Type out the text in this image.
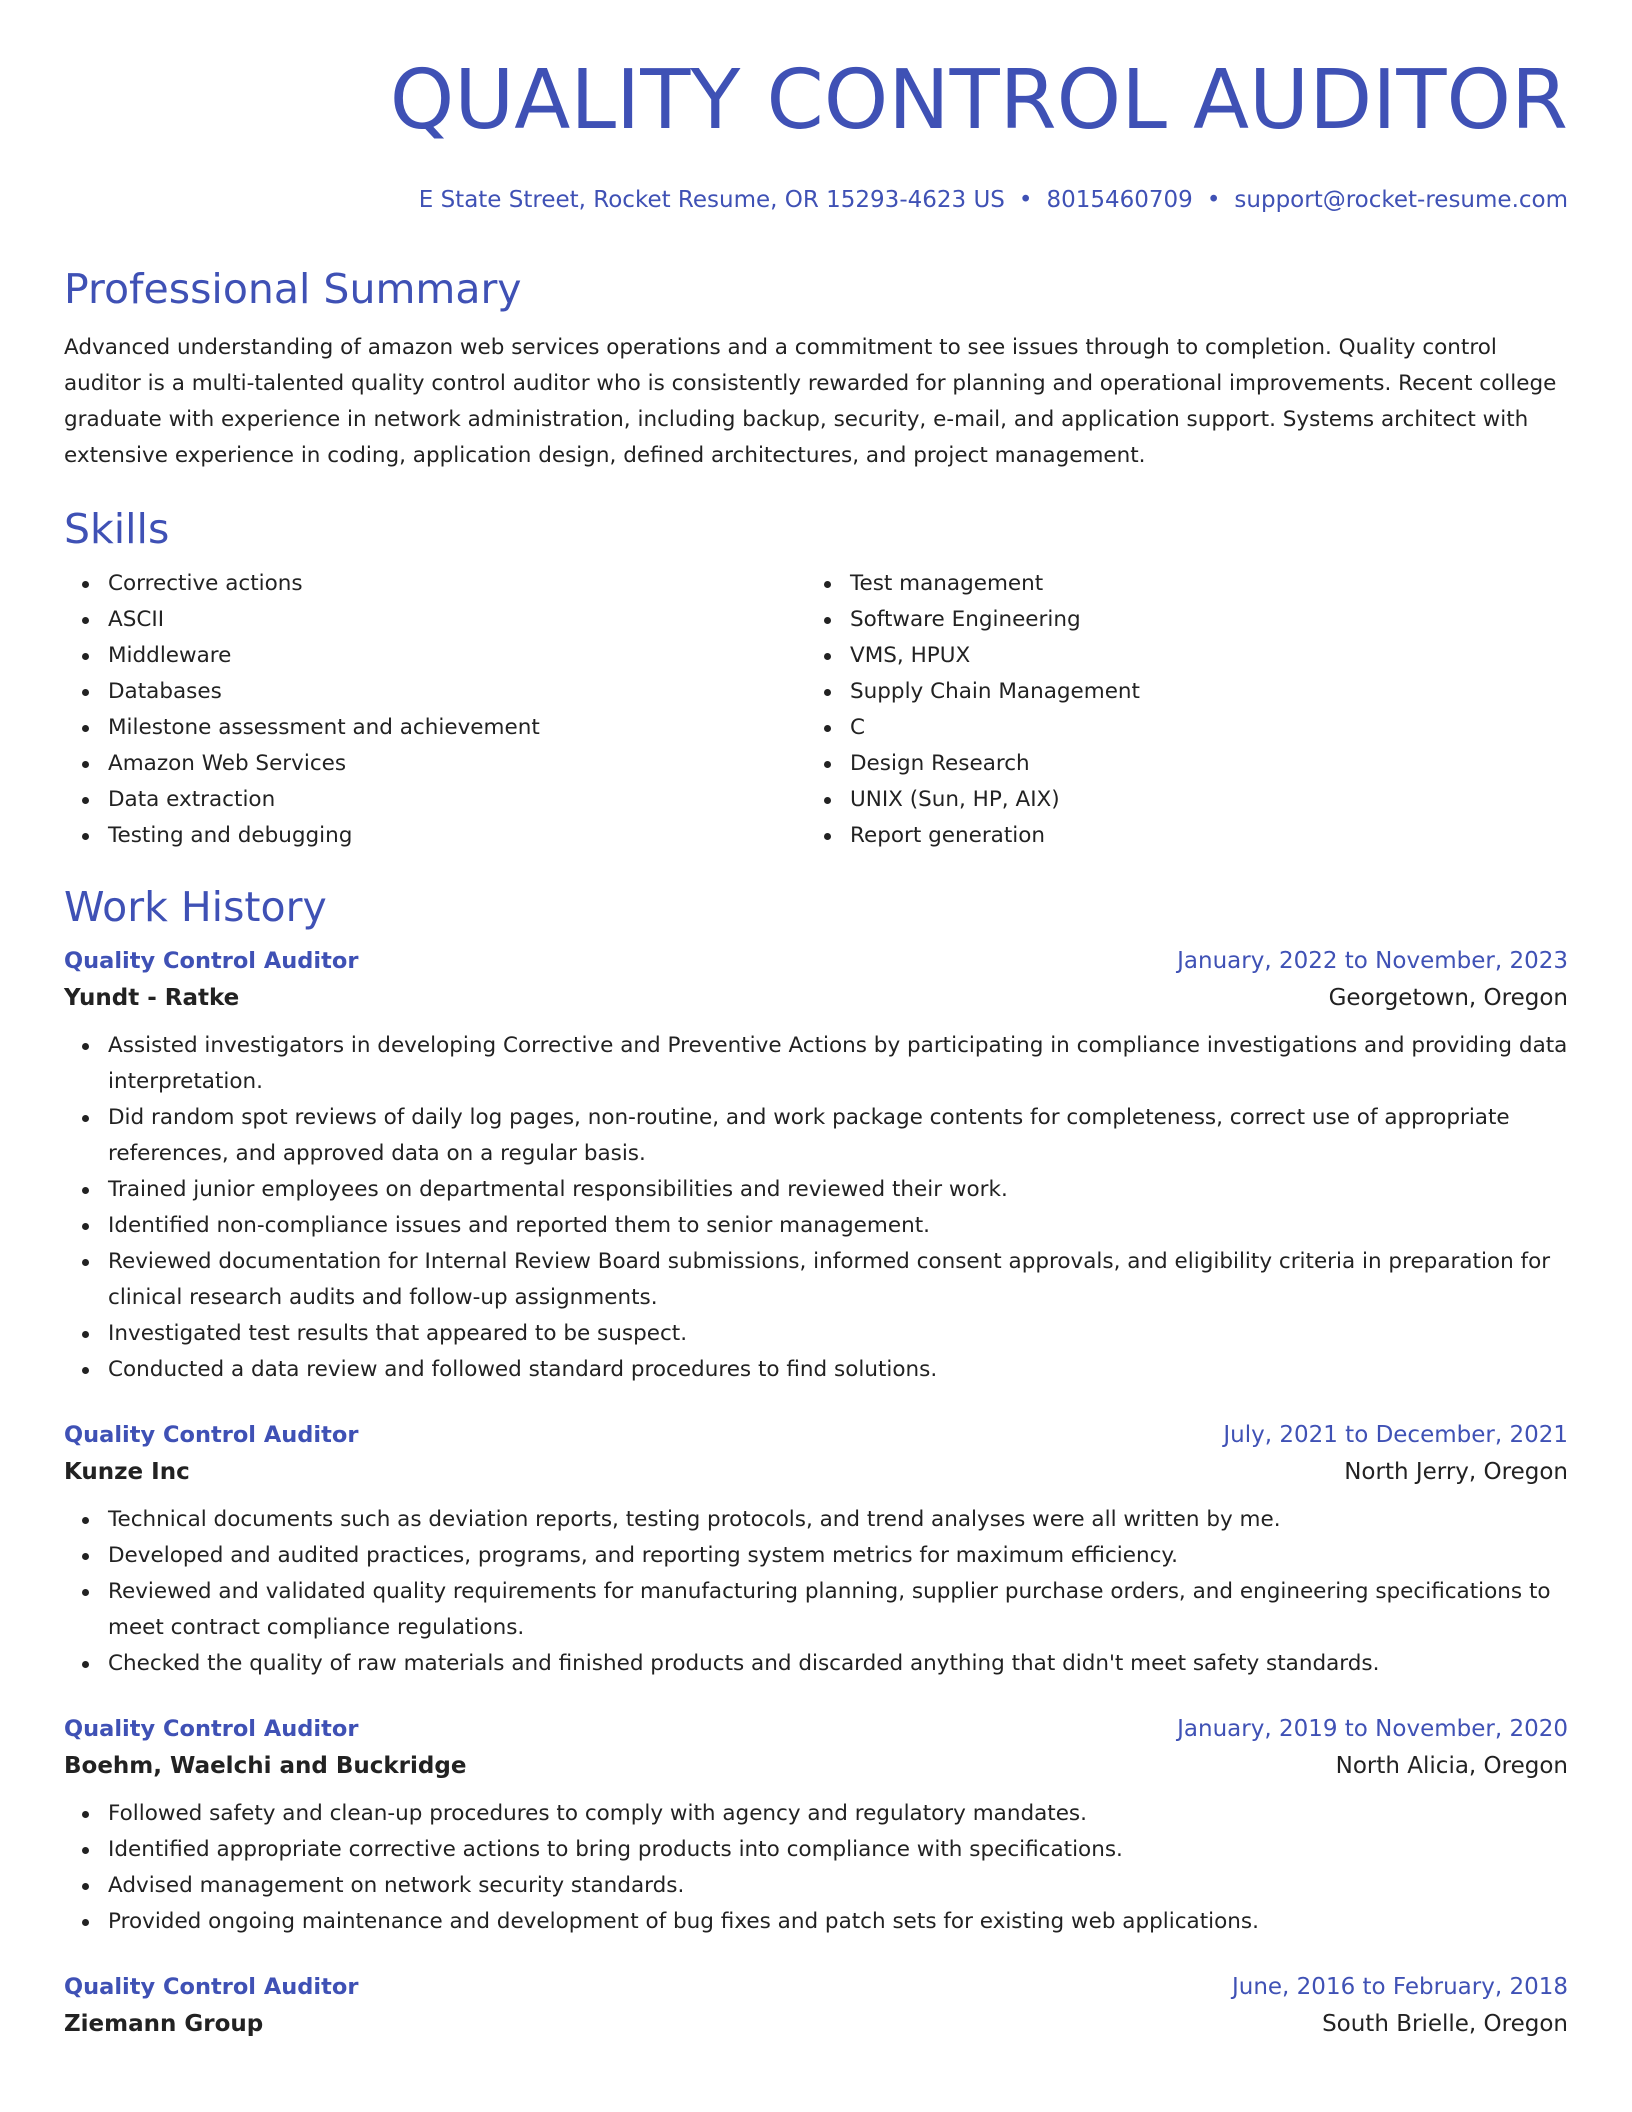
QUALITY CONTROL AUDITOR
E State Street, Rocket Resume, OR 15293-4623 US • 8015460709 • support@rocket-resume.com
Professional Summary

Advanced understanding of amazon web services operations and a commitment to see issues through to completion. Quality control auditor is a multi-talented quality control auditor who is consistently rewarded for planning and operational improvements. Recent college graduate with experience in network administration, including backup, security, e-mail, and application support. Systems architect with extensive experience in coding, application design, defined architectures, and project management.

Skills
Corrective actions
ASCII
Middleware
Databases
Milestone assessment and achievement
Amazon Web Services
Data extraction
Testing and debugging
Test management
Software Engineering
VMS, HPUX
Supply Chain Management
C
Design Research
UNIX (Sun, HP, AIX)
Report generation
Work History
Quality Control Auditor	January, 2022 to November, 2023
Yundt - Ratke	Georgetown, Oregon
Assisted investigators in developing Corrective and Preventive Actions by participating in compliance investigations and providing data interpretation.
Did random spot reviews of daily log pages, non-routine, and work package contents for completeness, correct use of appropriate references, and approved data on a regular basis.
Trained junior employees on departmental responsibilities and reviewed their work.
Identified non-compliance issues and reported them to senior management.
Reviewed documentation for Internal Review Board submissions, informed consent approvals, and eligibility criteria in preparation for clinical research audits and follow-up assignments.
Investigated test results that appeared to be suspect.
Conducted a data review and followed standard procedures to find solutions.
Quality Control Auditor	July, 2021 to December, 2021
Kunze Inc	North Jerry, Oregon
Technical documents such as deviation reports, testing protocols, and trend analyses were all written by me.
Developed and audited practices, programs, and reporting system metrics for maximum efficiency.
Reviewed and validated quality requirements for manufacturing planning, supplier purchase orders, and engineering specifications to meet contract compliance regulations.
Checked the quality of raw materials and finished products and discarded anything that didn't meet safety standards.
Quality Control Auditor	January, 2019 to November, 2020
Boehm, Waelchi and Buckridge	North Alicia, Oregon
Followed safety and clean-up procedures to comply with agency and regulatory mandates.
Identified appropriate corrective actions to bring products into compliance with specifications.
Advised management on network security standards.
Provided ongoing maintenance and development of bug fixes and patch sets for existing web applications.
Quality Control Auditor	June, 2016 to February, 2018
Ziemann Group	South Brielle, Oregon
